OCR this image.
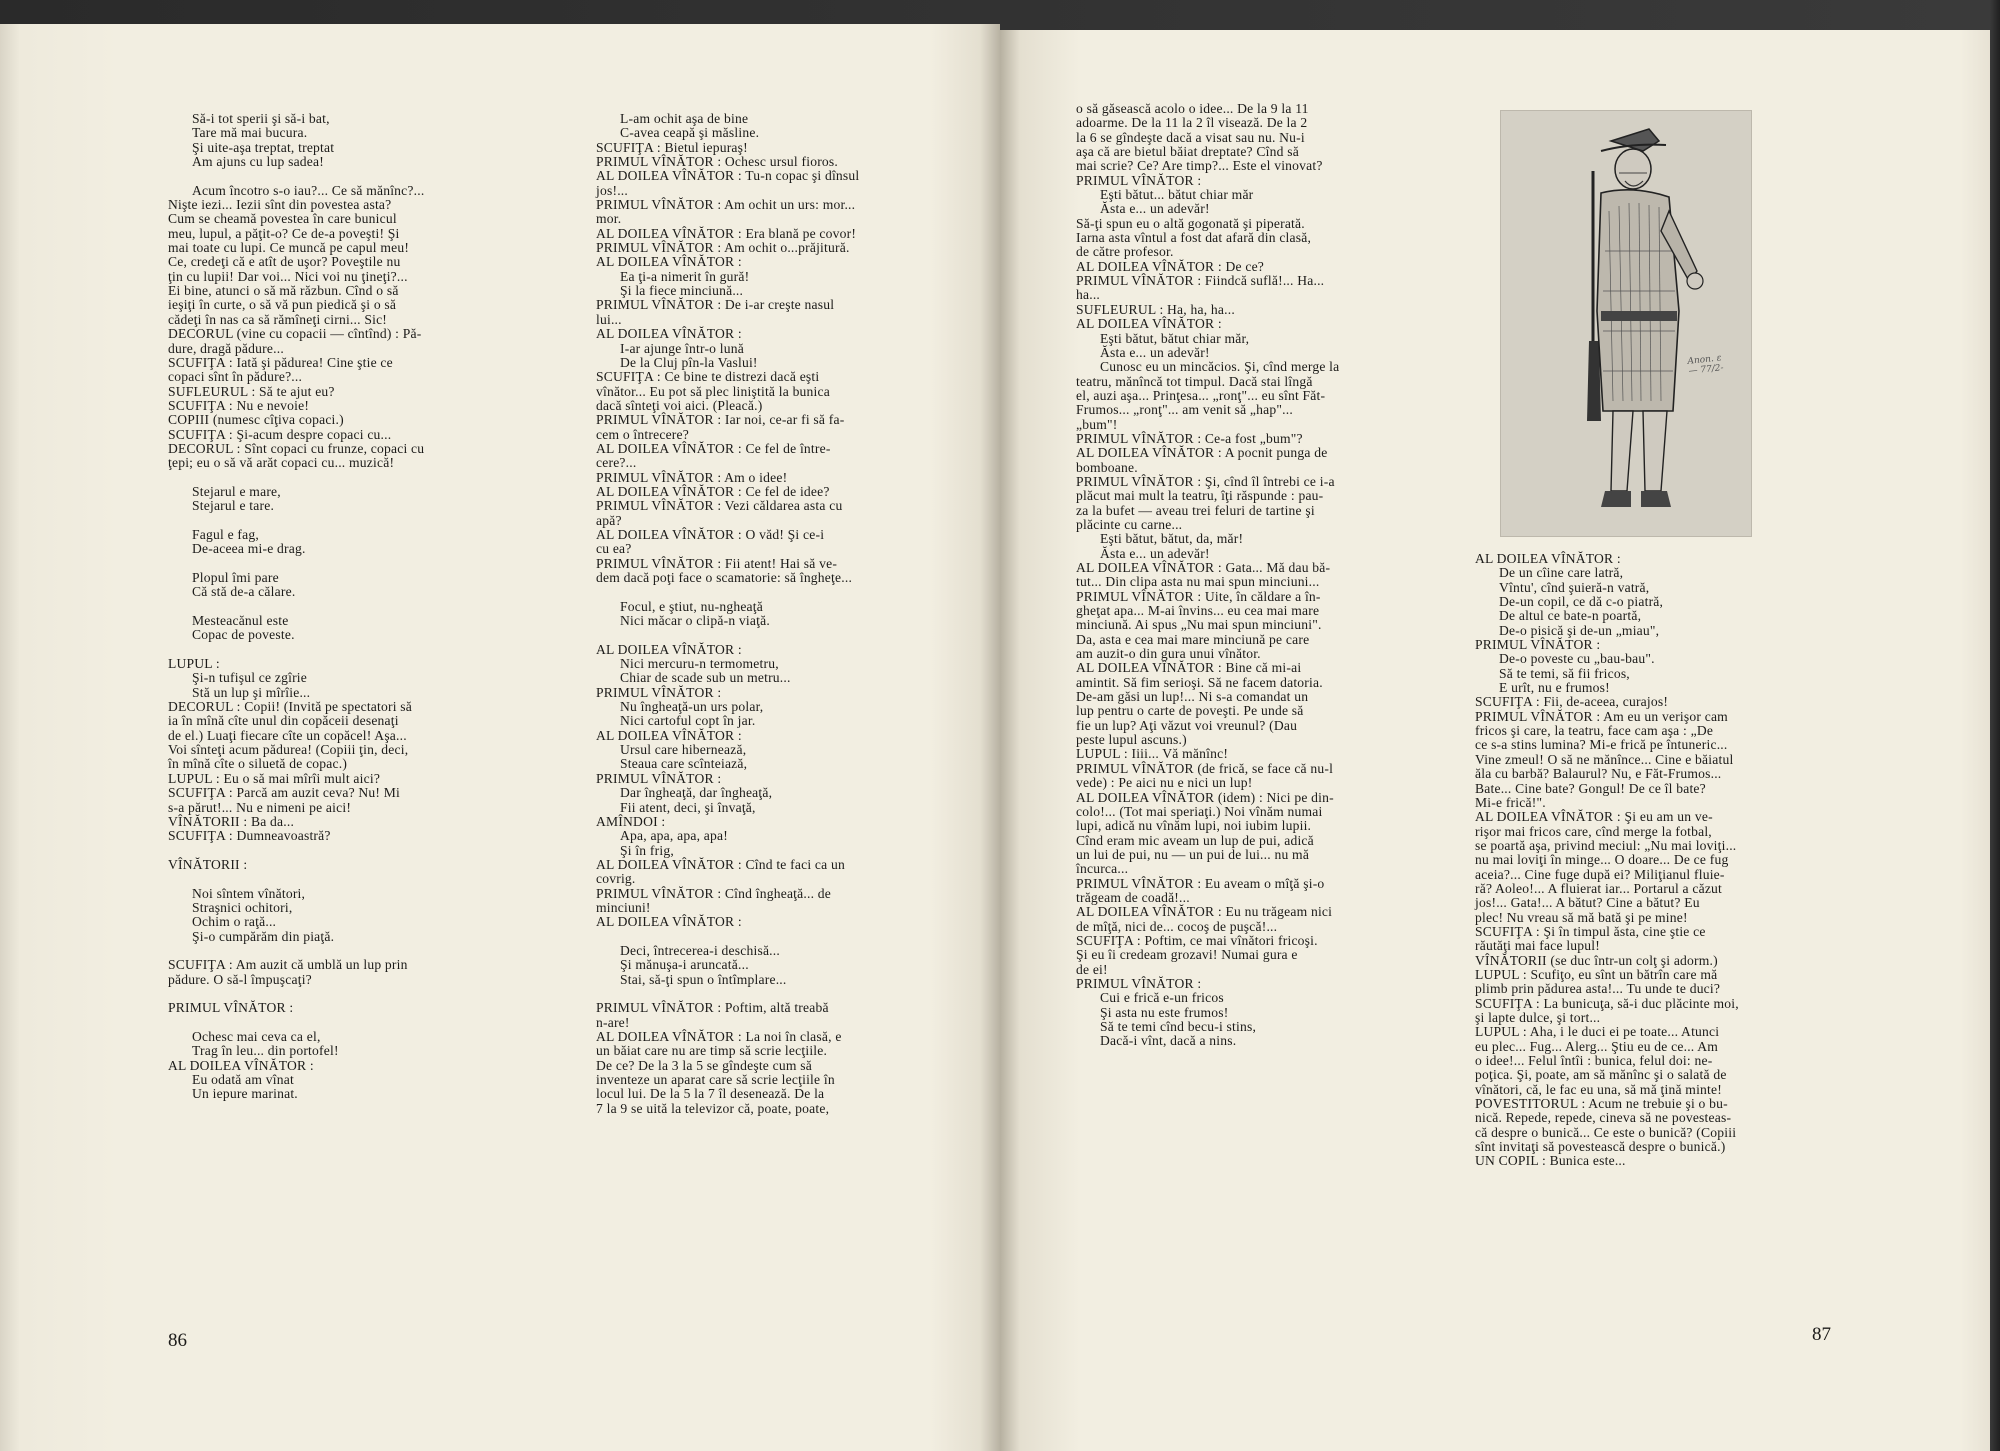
Să-i tot sperii şi să-i bat,
Tare mă mai bucura.
Şi uite-aşa treptat, treptat
Am ajuns cu lup sadea!
Acum încotro s-o iau?... Ce să mănînc?...
Nişte iezi... Iezii sînt din povestea asta?
Cum se cheamă povestea în care bunicul
meu, lupul, a păţit-o? Ce de-a poveşti! Şi
mai toate cu lupi. Ce muncă pe capul meu!
Ce, credeţi că e atît de uşor? Poveştile nu
ţin cu lupii! Dar voi... Nici voi nu ţineţi?...
Ei bine, atunci o să mă răzbun. Cînd o să
ieşiţi în curte, o să vă pun piedică şi o să
cădeţi în nas ca să rămîneţi cirni... Sic!
DECORUL (vine cu copacii — cîntînd) : Pă-
dure, dragă pădure...
SCUFIŢA : Iată şi pădurea! Cine ştie ce
copaci sînt în pădure?...
SUFLEURUL : Să te ajut eu?
SCUFIŢA : Nu e nevoie!
COPIII (numesc cîţiva copaci.)
SCUFIŢA : Şi-acum despre copaci cu...
DECORUL : Sînt copaci cu frunze, copaci cu
ţepi; eu o să vă arăt copaci cu... muzică!
Stejarul e mare,
Stejarul e tare.
Fagul e fag,
De-aceea mi-e drag.
Plopul îmi pare
Că stă de-a călare.
Mesteacănul este
Copac de poveste.
LUPUL :
Şi-n tufişul ce zgîrie
Stă un lup şi mîrîie...
DECORUL : Copii! (Invită pe spectatori să
ia în mînă cîte unul din copăceii desenaţi
de el.) Luaţi fiecare cîte un copăcel! Aşa...
Voi sînteţi acum pădurea! (Copiii ţin, deci,
în mînă cîte o siluetă de copac.)
LUPUL : Eu o să mai mîrîi mult aici?
SCUFIŢA : Parcă am auzit ceva? Nu! Mi
s-a părut!... Nu e nimeni pe aici!
VÎNĂTORII : Ba da...
SCUFIŢA : Dumneavoastră?
VÎNĂTORII :
Noi sîntem vînători,
Straşnici ochitori,
Ochim o raţă...
Şi-o cumpărăm din piaţă.
SCUFIŢA : Am auzit că umblă un lup prin
pădure. O să-l împuşcaţi?
PRIMUL VÎNĂTOR :
Ochesc mai ceva ca el,
Trag în leu... din portofel!
AL DOILEA VÎNĂTOR :
Eu odată am vînat
Un iepure marinat.
L-am ochit aşa de bine
C-avea ceapă şi măsline.
SCUFIŢA : Bietul iepuraş!
PRIMUL VÎNĂTOR : Ochesc ursul fioros.
AL DOILEA VÎNĂTOR : Tu-n copac şi dînsul
jos!...
PRIMUL VÎNĂTOR : Am ochit un urs: mor...
mor.
AL DOILEA VÎNĂTOR : Era blană pe covor!
PRIMUL VÎNĂTOR : Am ochit o...prăjitură.
AL DOILEA VÎNĂTOR :
Ea ţi-a nimerit în gură!
Şi la fiece minciună...
PRIMUL VÎNĂTOR : De i-ar creşte nasul
lui...
AL DOILEA VÎNĂTOR :
I-ar ajunge într-o lună
De la Cluj pîn-la Vaslui!
SCUFIŢA : Ce bine te distrezi dacă eşti
vînător... Eu pot să plec liniştită la bunica
dacă sînteţi voi aici. (Pleacă.)
PRIMUL VÎNĂTOR : Iar noi, ce-ar fi să fa-
cem o întrecere?
AL DOILEA VÎNĂTOR : Ce fel de între-
cere?...
PRIMUL VÎNĂTOR : Am o idee!
AL DOILEA VÎNĂTOR : Ce fel de idee?
PRIMUL VÎNĂTOR : Vezi căldarea asta cu
apă?
AL DOILEA VÎNĂTOR : O văd! Şi ce-i
cu ea?
PRIMUL VÎNĂTOR : Fii atent! Hai să ve-
dem dacă poţi face o scamatorie: să îngheţe...
Focul, e ştiut, nu-ngheaţă
Nici măcar o clipă-n viaţă.
AL DOILEA VÎNĂTOR :
Nici mercuru-n termometru,
Chiar de scade sub un metru...
PRIMUL VÎNĂTOR :
Nu îngheaţă-un urs polar,
Nici cartoful copt în jar.
AL DOILEA VÎNĂTOR :
Ursul care hibernează,
Steaua care scînteiază,
PRIMUL VÎNĂTOR :
Dar îngheaţă, dar îngheaţă,
Fii atent, deci, şi învaţă,
AMÎNDOI :
Apa, apa, apa, apa!
Şi în frig,
AL DOILEA VÎNĂTOR : Cînd te faci ca un
covrig.
PRIMUL VÎNĂTOR : Cînd îngheaţă... de
minciuni!
AL DOILEA VÎNĂTOR :
Deci, întrecerea-i deschisă...
Şi mănuşa-i aruncată...
Stai, să-ţi spun o întîmplare...
PRIMUL VÎNĂTOR : Poftim, altă treabă
n-are!
AL DOILEA VÎNĂTOR : La noi în clasă, e
un băiat care nu are timp să scrie lecţiile.
De ce? De la 3 la 5 se gîndeşte cum să
inventeze un aparat care să scrie lecţiile în
locul lui. De la 5 la 7 îl desenează. De la
7 la 9 se uită la televizor că, poate, poate,
o să găsească acolo o idee... De la 9 la 11
adoarme. De la 11 la 2 îl visează. De la 2
la 6 se gîndeşte dacă a visat sau nu. Nu-i
aşa că are bietul băiat dreptate? Cînd să
mai scrie? Ce? Are timp?... Este el vinovat?
PRIMUL VÎNĂTOR :
Eşti bătut... bătut chiar măr
Ăsta e... un adevăr!
Să-ţi spun eu o altă gogonată şi piperată.
Iarna asta vîntul a fost dat afară din clasă,
de către profesor.
AL DOILEA VÎNĂTOR : De ce?
PRIMUL VÎNĂTOR : Fiindcă suflă!... Ha...
ha...
SUFLEURUL : Ha, ha, ha...
AL DOILEA VÎNĂTOR :
Eşti bătut, bătut chiar măr,
Ăsta e... un adevăr!
Cunosc eu un mincăcios. Şi, cînd merge la
teatru, mănîncă tot timpul. Dacă stai lîngă
el, auzi aşa... Prinţesa... „ronţ"... eu sînt Făt-
Frumos... „ronţ"... am venit să „hap"...
„bum"!
PRIMUL VÎNĂTOR : Ce-a fost „bum"?
AL DOILEA VÎNĂTOR : A pocnit punga de
bomboane.
PRIMUL VÎNĂTOR : Şi, cînd îl întrebi ce i-a
plăcut mai mult la teatru, îţi răspunde : pau-
za la bufet — aveau trei feluri de tartine şi
plăcinte cu carne...
Eşti bătut, bătut, da, măr!
Ăsta e... un adevăr!
AL DOILEA VÎNĂTOR : Gata... Mă dau bă-
tut... Din clipa asta nu mai spun minciuni...
PRIMUL VÎNĂTOR : Uite, în căldare a în-
gheţat apa... M-ai învins... eu cea mai mare
minciună. Ai spus „Nu mai spun minciuni".
Da, asta e cea mai mare minciună pe care
am auzit-o din gura unui vînător.
AL DOILEA VÎNĂTOR : Bine că mi-ai
amintit. Să fim serioşi. Să ne facem datoria.
De-am găsi un lup!... Ni s-a comandat un
lup pentru o carte de poveşti. Pe unde să
fie un lup? Aţi văzut voi vreunul? (Dau
peste lupul ascuns.)
LUPUL : Iiii... Vă mănînc!
PRIMUL VÎNĂTOR (de frică, se face că nu-l
vede) : Pe aici nu e nici un lup!
AL DOILEA VÎNĂTOR (idem) : Nici pe din-
colo!... (Tot mai speriaţi.) Noi vînăm numai
lupi, adică nu vînăm lupi, noi iubim lupii.
Cînd eram mic aveam un lup de pui, adică
un lui de pui, nu — un pui de lui... nu mă
încurca...
PRIMUL VÎNĂTOR : Eu aveam o mîţă şi-o
trăgeam de coadă!...
AL DOILEA VÎNĂTOR : Eu nu trăgeam nici
de mîţă, nici de... cocoş de puşcă!...
SCUFIŢA : Poftim, ce mai vînători fricoşi.
Şi eu îi credeam grozavi! Numai gura e
de ei!
PRIMUL VÎNĂTOR :
Cui e frică e-un fricos
Şi asta nu este frumos!
Să te temi cînd becu-i stins,
Dacă-i vînt, dacă a nins.
AL DOILEA VÎNĂTOR :
De un cîine care latră,
Vîntu', cînd şuieră-n vatră,
De-un copil, ce dă c-o piatră,
De altul ce bate-n poartă,
De-o pisică şi de-un „miau",
PRIMUL VÎNĂTOR :
De-o poveste cu „bau-bau".
Să te temi, să fii fricos,
E urît, nu e frumos!
SCUFIŢA : Fii, de-aceea, curajos!
PRIMUL VÎNĂTOR : Am eu un verişor cam
fricos şi care, la teatru, face cam aşa : „De
ce s-a stins lumina? Mi-e frică pe întuneric...
Vine zmeul! O să ne mănînce... Cine e băiatul
ăla cu barbă? Balaurul? Nu, e Făt-Frumos...
Bate... Cine bate? Gongul! De ce îl bate?
Mi-e frică!".
AL DOILEA VÎNĂTOR : Şi eu am un ve-
rişor mai fricos care, cînd merge la fotbal,
se poartă aşa, privind meciul: „Nu mai loviţi...
nu mai loviţi în minge... O doare... De ce fug
aceia?... Cine fuge după ei? Miliţianul fluie-
ră? Aoleo!... A fluierat iar... Portarul a căzut
jos!... Gata!... A bătut? Cine a bătut? Eu
plec! Nu vreau să mă bată şi pe mine!
SCUFIŢA : Şi în timpul ăsta, cine ştie ce
răutăţi mai face lupul!
VÎNĂTORII (se duc într-un colţ şi adorm.)
LUPUL : Scufiţo, eu sînt un bătrîn care mă
plimb prin pădurea asta!... Tu unde te duci?
SCUFIŢA : La bunicuţa, să-i duc plăcinte moi,
şi lapte dulce, şi tort...
LUPUL : Aha, i le duci ei pe toate... Atunci
eu plec... Fug... Alerg... Ştiu eu de ce... Am
o idee!... Felul întîi : bunica, felul doi: ne-
poţica. Şi, poate, am să mănînc şi o salată de
vînători, că, le fac eu una, să mă ţină minte!
POVESTITORUL : Acum ne trebuie şi o bu-
nică. Repede, repede, cineva să ne povesteas-
că despre o bunică... Ce este o bunică? (Copiii
sînt invitaţi să povestească despre o bunică.)
UN COPIL : Bunica este...
86	87
Anon. ε
— 77/2-
